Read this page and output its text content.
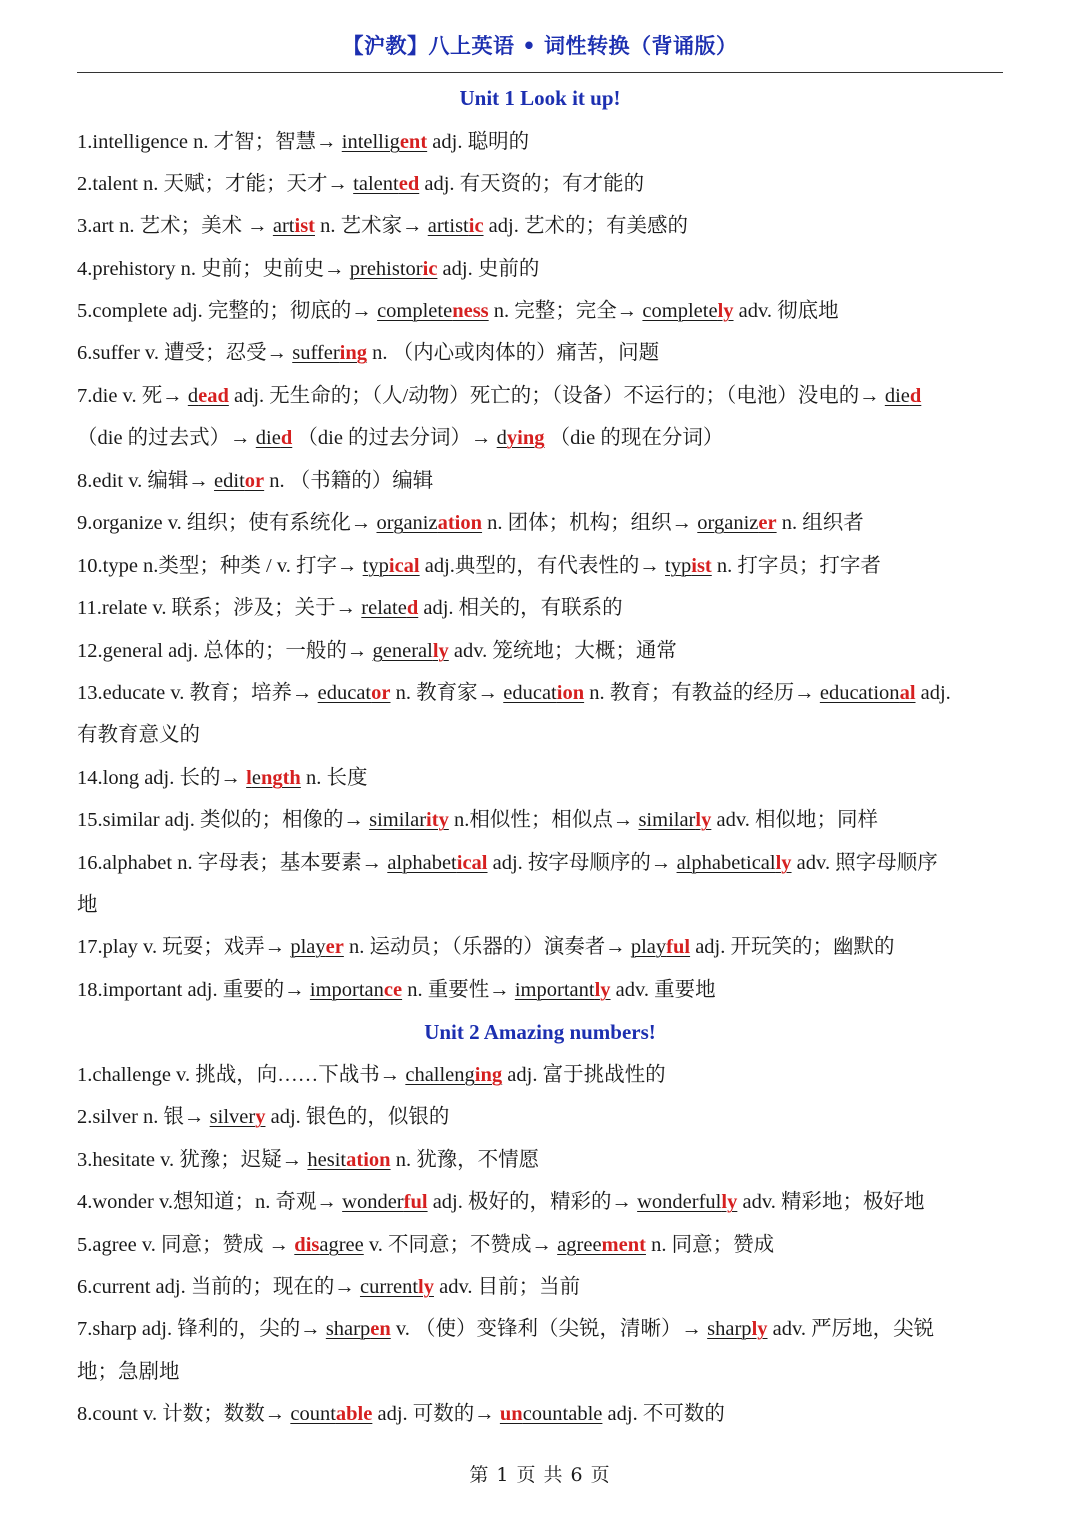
【沪教】八上英语 • 词性转换（背诵版）
Unit 1 Look it up!
1.intelligence n. 才智；智慧→ intelligent adj. 聪明的
2.talent n. 天赋；才能；天才→ talented adj. 有天资的；有才能的
3.art n. 艺术；美术 → artist n. 艺术家→ artistic adj. 艺术的；有美感的
4.prehistory n. 史前；史前史→ prehistoric adj. 史前的
5.complete adj. 完整的；彻底的→ completeness n. 完整；完全→ completely adv. 彻底地
6.suffer v. 遭受；忍受→ suffering n. （内心或肉体的）痛苦，问题
7.die v. 死→ dead adj. 无生命的；（人/动物）死亡的；（设备）不运行的；（电池）没电的→ died
（die 的过去式）→ died （die 的过去分词）→ dying （die 的现在分词）
8.edit v. 编辑→ editor n. （书籍的）编辑
9.organize v. 组织；使有系统化→ organization n. 团体；机构；组织→ organizer n. 组织者
10.type n.类型；种类 / v. 打字→ typical adj.典型的，有代表性的→ typist n. 打字员；打字者
11.relate v. 联系；涉及；关于→ related adj. 相关的，有联系的
12.general adj. 总体的；一般的→ generally adv. 笼统地；大概；通常
13.educate v. 教育；培养→ educator n. 教育家→ education n. 教育；有教益的经历→ educational adj.
有教育意义的
14.long adj. 长的→ length n. 长度
15.similar adj. 类似的；相像的→ similarity n.相似性；相似点→ similarly adv. 相似地；同样
16.alphabet n. 字母表；基本要素→ alphabetical adj. 按字母顺序的→ alphabetically adv. 照字母顺序
地
17.play v. 玩耍；戏弄→ player n. 运动员；（乐器的）演奏者→ playful adj. 开玩笑的；幽默的
18.important adj. 重要的→ importance n. 重要性→ importantly adv. 重要地
Unit 2 Amazing numbers!
1.challenge v. 挑战，向……下战书→ challenging adj. 富于挑战性的
2.silver n. 银→ silvery adj. 银色的，似银的
3.hesitate v. 犹豫；迟疑→ hesitation n. 犹豫，不情愿
4.wonder v.想知道；n. 奇观→ wonderful adj. 极好的，精彩的→ wonderfully adv. 精彩地；极好地
5.agree v. 同意；赞成 → disagree v. 不同意；不赞成→ agreement n. 同意；赞成
6.current adj. 当前的；现在的→ currently adv. 目前；当前
7.sharp adj. 锋利的，尖的→ sharpen v. （使）变锋利（尖锐，清晰）→ sharply adv. 严厉地，尖锐
地；急剧地
8.count v. 计数；数数→ countable adj. 可数的→ uncountable adj. 不可数的
第 1 页 共 6 页
